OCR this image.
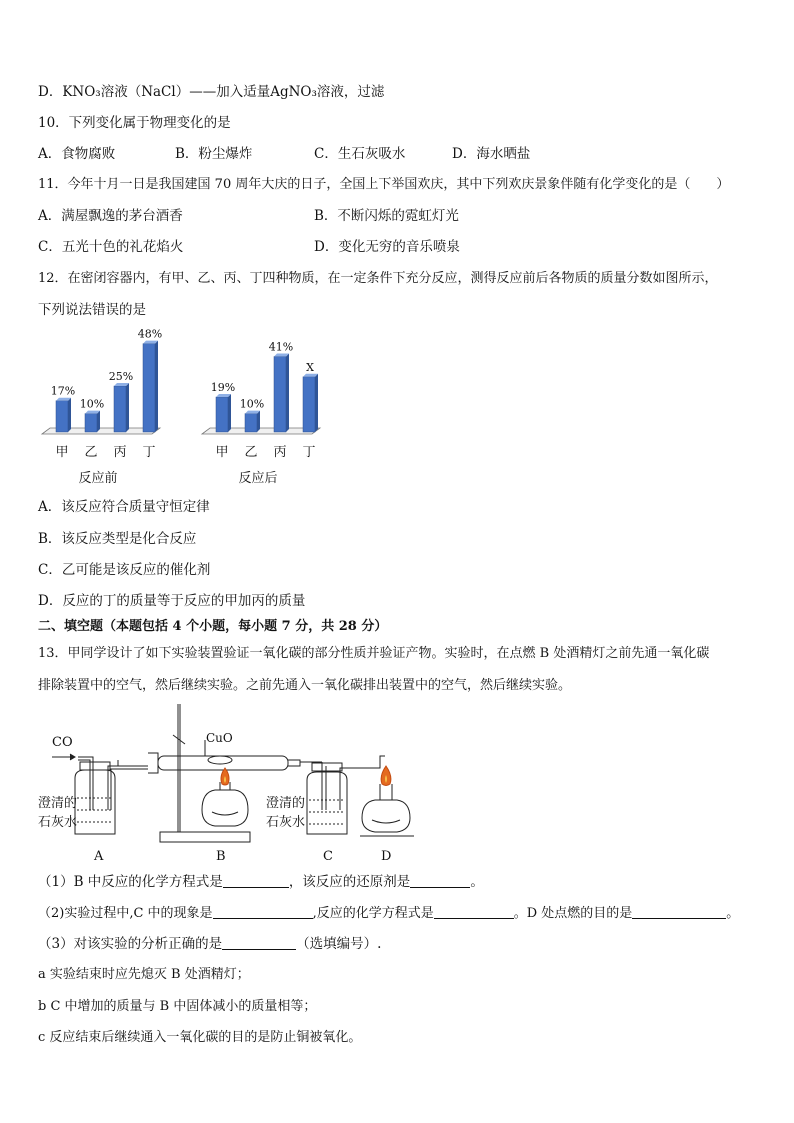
D．KNO₃溶液（NaCl）——加入适量AgNO₃溶液，过滤
10．下列变化属于物理变化的是
A．食物腐败	B．粉尘爆炸	C．生石灰吸水	D．海水晒盐
11．今年十月一日是我国建国 70 周年大庆的日子，全国上下举国欢庆，其中下列欢庆景象伴随有化学变化的是（　　）
A．满屋飘逸的茅台酒香	B．不断闪烁的霓虹灯光
C．五光十色的礼花焰火	D．变化无穷的音乐喷泉
12．在密闭容器内，有甲、乙、丙、丁四种物质，在一定条件下充分反应，测得反应前后各物质的质量分数如图所示，
下列说法错误的是
17%
甲
10%
乙
25%
丙
48%
丁
反应前
19%
甲
10%
乙
41%
丙
X
丁
反应后
A．该反应符合质量守恒定律
B．该反应类型是化合反应
C．乙可能是该反应的催化剂
D．反应的丁的质量等于反应的甲加丙的质量
二、填空题（本题包括 4 个小题，每小题 7 分，共 28 分）
13．甲同学设计了如下实验装置验证一氧化碳的部分性质并验证产物。实验时，在点燃 B 处酒精灯之前先通一氧化碳
排除装置中的空气，然后继续实验。之前先通入一氧化碳排出装置中的空气，然后继续实验。
CO
澄清的
石灰水
A
CuO
B
澄清的
石灰水
C	D
（1）B 中反应的化学方程式是	，该反应的还原剂是	。
（2)实验过程中,C 中的现象是	,反应的化学方程式是	。D 处点燃的目的是	。
（3）对该实验的分析正确的是	（选填编号）.
a 实验结束时应先熄灭 B 处酒精灯；
b C 中增加的质量与 B 中固体减小的质量相等；
c 反应结束后继续通入一氧化碳的目的是防止铜被氧化。
